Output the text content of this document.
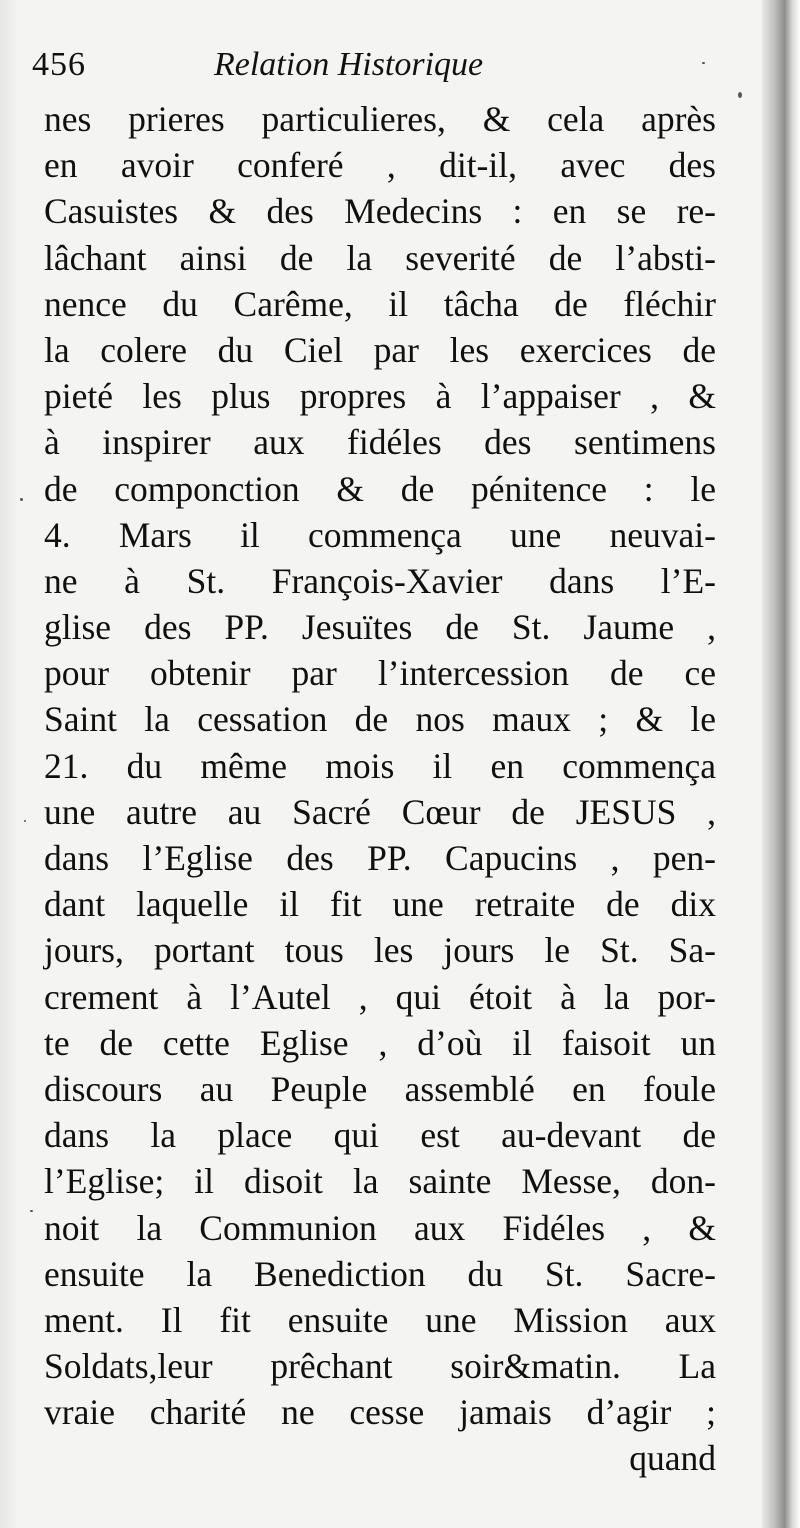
456	Relation Historique
nes prieres particulieres, & cela après
en avoir conferé , dit-il, avec des
Casuistes & des Medecins : en se re-
lâchant ainsi de la severité de l’absti-
nence du Carême, il tâcha de fléchir
la colere du Ciel par les exercices de
pieté les plus propres à l’appaiser , &
à inspirer aux fidéles des sentimens
de componction & de pénitence : le
4. Mars il commença une neuvai-
ne à St. François-Xavier dans l’E-
glise des PP. Jesuïtes de St. Jaume ,
pour obtenir par l’intercession de ce
Saint la cessation de nos maux ; & le
21. du même mois il en commença
une autre au Sacré Cœur de JESUS ,
dans l’Eglise des PP. Capucins , pen-
dant laquelle il fit une retraite de dix
jours, portant tous les jours le St. Sa-
crement à l’Autel , qui étoit à la por-
te de cette Eglise , d’où il faisoit un
discours au Peuple assemblé en foule
dans la place qui est au-devant de
l’Eglise; il disoit la sainte Messe, don-
noit la Communion aux Fidéles , &
ensuite la Benediction du St. Sacre-
ment. Il fit ensuite une Mission aux
Soldats,leur prêchant soir&matin. La
vraie charité ne cesse jamais d’agir ;
quand
